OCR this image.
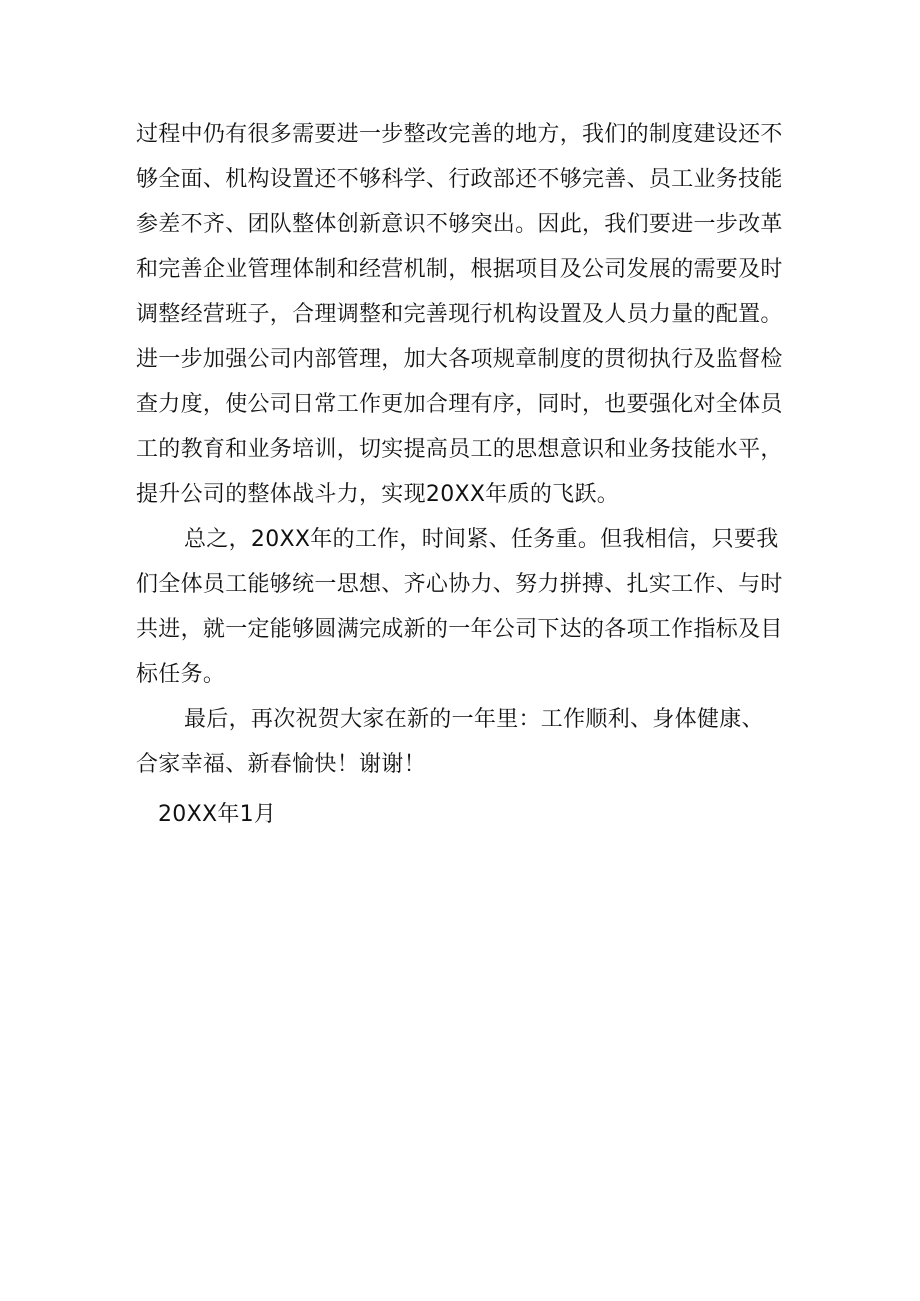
过程中仍有很多需要进一步整改完善的地方，我们的制度建设还不
够全面、机构设置还不够科学、行政部还不够完善、员工业务技能
参差不齐、团队整体创新意识不够突出。因此，我们要进一步改革
和完善企业管理体制和经营机制，根据项目及公司发展的需要及时
调整经营班子，合理调整和完善现行机构设置及人员力量的配置。
进一步加强公司内部管理，加大各项规章制度的贯彻执行及监督检
查力度，使公司日常工作更加合理有序，同时，也要强化对全体员
工的教育和业务培训，切实提高员工的思想意识和业务技能水平，
提升公司的整体战斗力，实现20XX年质的飞跃。
总之，20XX年的工作，时间紧、任务重。但我相信，只要我
们全体员工能够统一思想、齐心协力、努力拼搏、扎实工作、与时
共进，就一定能够圆满完成新的一年公司下达的各项工作指标及目
标任务。
最后，再次祝贺大家在新的一年里：工作顺利、身体健康、
合家幸福、新春愉快！谢谢！
20XX年1月
